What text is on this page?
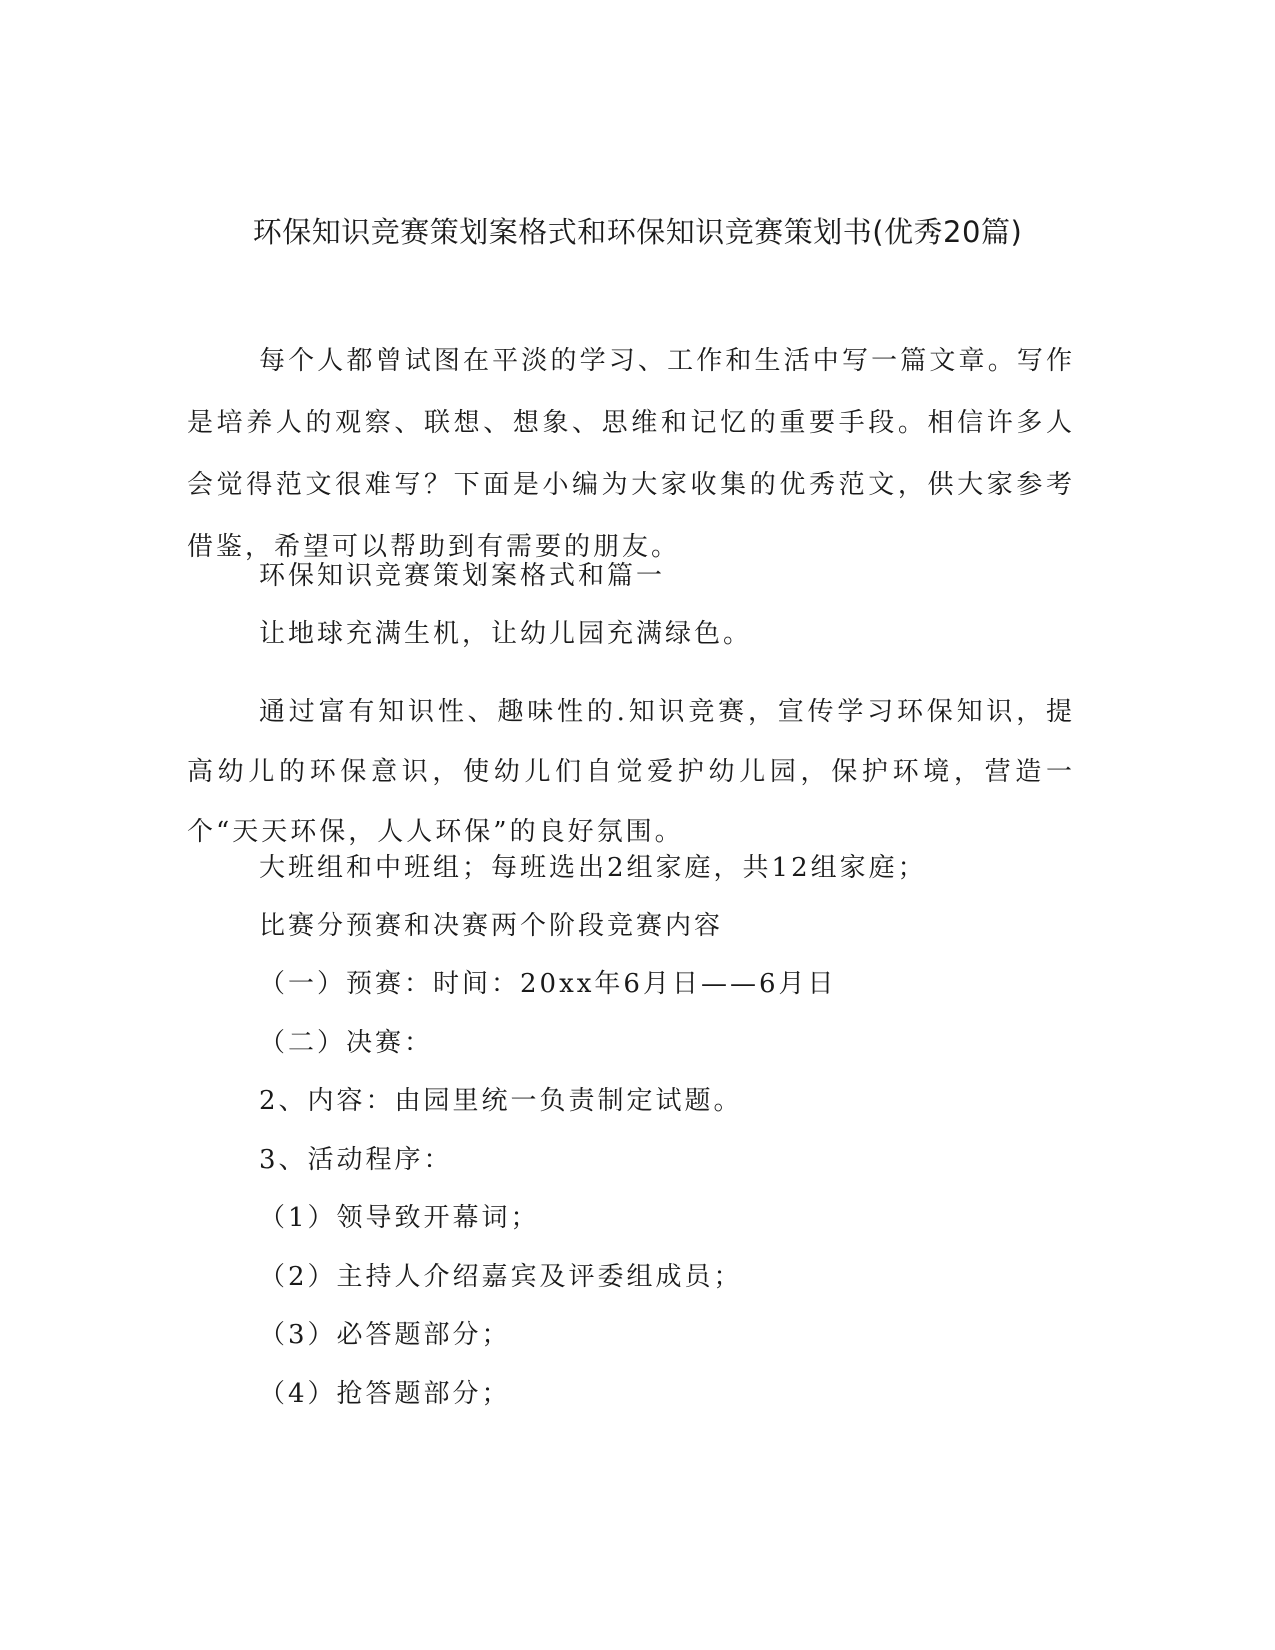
环保知识竞赛策划案格式和环保知识竞赛策划书(优秀20篇)

每个人都曾试图在平淡的学习、工作和生活中写一篇文章。写作是培养人的观察、联想、想象、思维和记忆的重要手段。相信许多人会觉得范文很难写？下面是小编为大家收集的优秀范文，供大家参考借鉴，希望可以帮助到有需要的朋友。

环保知识竞赛策划案格式和篇一

让地球充满生机，让幼儿园充满绿色。

通过富有知识性、趣味性的.知识竞赛，宣传学习环保知识，提高幼儿的环保意识，使幼儿们自觉爱护幼儿园，保护环境，营造一个“天天环保，人人环保”的良好氛围。

大班组和中班组；每班选出2组家庭，共12组家庭；

比赛分预赛和决赛两个阶段竞赛内容

（一）预赛：时间：20xx年6月日——6月日

（二）决赛：

2、内容：由园里统一负责制定试题。

3、活动程序：

（1）领导致开幕词；

（2）主持人介绍嘉宾及评委组成员；

（3）必答题部分；

（4）抢答题部分；
